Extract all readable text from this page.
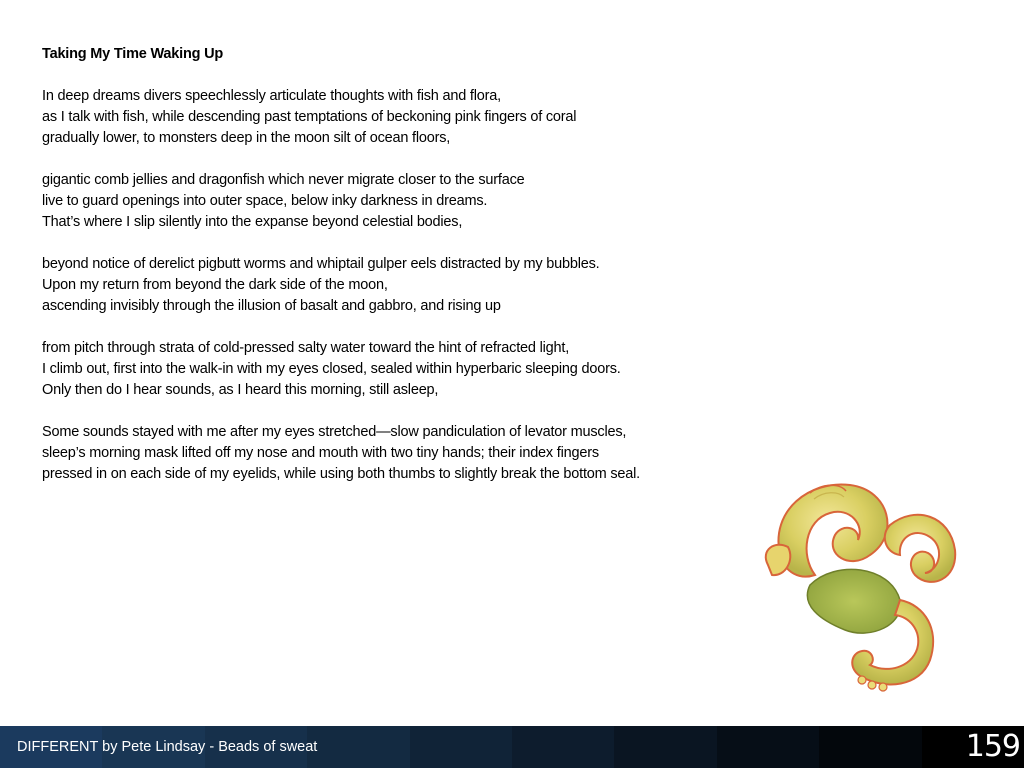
Taking My Time Waking Up
In deep dreams divers speechlessly articulate thoughts with fish and flora,
as I talk with fish, while descending past temptations of beckoning pink fingers of coral
gradually lower, to monsters deep in the moon silt of ocean floors,
gigantic comb jellies and dragonfish which never migrate closer to the surface
live to guard openings into outer space, below inky darkness in dreams.
That’s where I slip silently into the expanse beyond celestial bodies,
beyond notice of derelict pigbutt worms and whiptail gulper eels distracted by my bubbles.
Upon my return from beyond the dark side of the moon,
ascending invisibly through the illusion of basalt and gabbro, and rising up
from pitch through strata of cold-pressed salty water toward the hint of refracted light,
I climb out, first into the walk-in with my eyes closed, sealed within hyperbaric sleeping doors.
Only then do I hear sounds, as I heard this morning, still asleep,
Some sounds stayed with me after my eyes stretched—slow pandiculation of levator muscles,
sleep’s morning mask lifted off my nose and mouth with two tiny hands; their index fingers
pressed in on each side of my eyelids, while using both thumbs to slightly break the bottom seal.
DIFFERENT by Pete Lindsay - Beads of sweat	159
